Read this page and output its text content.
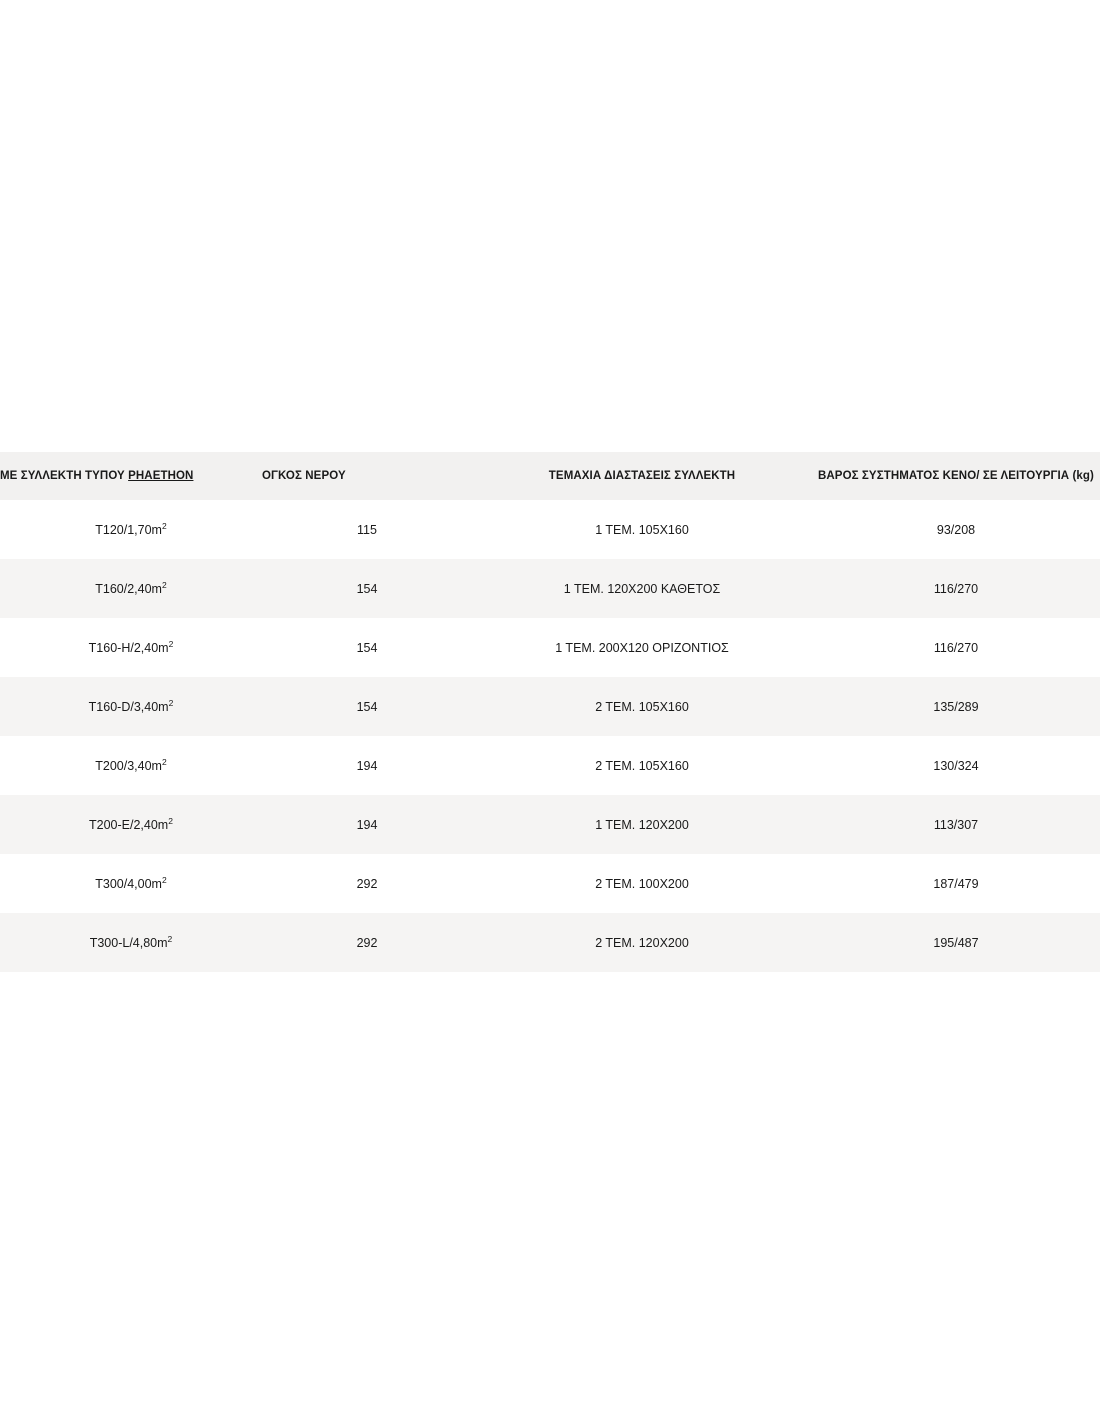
ΜΕ ΣΥΛΛΕΚΤΗ ΤΥΠΟΥ PHAETHON	ΟΓΚΟΣ ΝΕΡΟΥ	ΤΕΜΑΧΙΑ ΔΙΑΣΤΑΣΕΙΣ ΣΥΛΛΕΚΤΗ	ΒΑΡΟΣ ΣΥΣΤΗΜΑΤΟΣ ΚΕΝΟ/ ΣΕ ΛΕΙΤΟΥΡΓΙΑ (kg)
$T120/1,70m^2$	115	1 ΤΕΜ. 105Χ160	93/208
$T160/2,40m^2$	154	1 ΤΕΜ. 120Χ200 ΚΑΘΕΤΟΣ	116/270
$T160-H/2,40m^2$	154	1 ΤΕΜ. 200Χ120 ΟΡΙΖΟΝΤΙΟΣ	116/270
$T160-D/3,40m^2$	154	2 ΤΕΜ. 105Χ160	135/289
$T200/3,40m^2$	194	2 ΤΕΜ. 105Χ160	130/324
$T200-E/2,40m^2$	194	1 ΤΕΜ. 120Χ200	113/307
$T300/4,00m^2$	292	2 ΤΕΜ. 100Χ200	187/479
$T300-L/4,80m^2$	292	2 ΤΕΜ. 120Χ200	195/487
